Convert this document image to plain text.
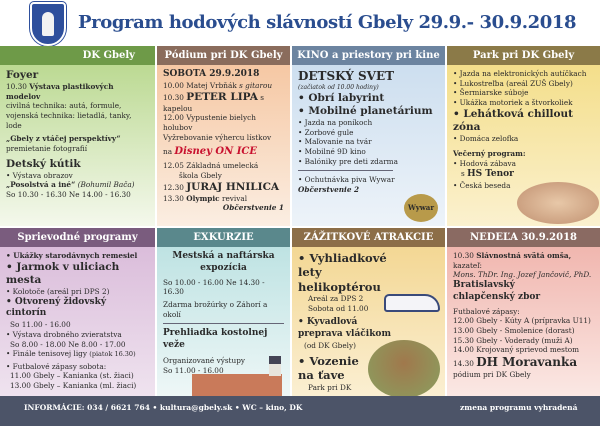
Program hodových slávností Gbely 29.9.- 30.9.2018
DK Gbely
Foyer
10.30 Výstava plastikových modelov
civilná technika: autá, formule, vojenská technika: lietadlá, tanky, lode
„Gbely z vtáčej perspektívy“
premietanie fotografií
Detský kútik
• Výstava obrazov
„Posolstvá a iné“ (Bohumil Bača)
So 10.30 - 16.30 Ne 14.00 - 16.30
Pódium pri DK Gbely
SOBOTA 29.9.2018
10.00 Matej Vrbňák s gitarou
10.30 PETER LIPA s kapelou
12.00 Vypustenie bielych holubov
Vyžrebovanie výhercu lístkov
na Disney ON ICE
12.05 Základná umelecká
škola Gbely
12.30 JURAJ HNILICA
13.30 Olympic revival
Občerstvenie 1
KINO a priestory pri kine
DETSKÝ SVET
(začiatok od 10.00 hodiny)
• Obrí labyrint
• Mobilné planetárium
• Jazda na poníkoch
• Zorbové gule
• Maľovanie na tvár
• Mobilné 9D kino
• Balóniky pre deti zdarma
• Ochutnávka piva Wywar
Občerstvenie 2
Wywar
Park pri DK Gbely
• Jazda na elektronických autíčkach
• Lukostreľba (areál ZUŠ Gbely)
• Šermiarske súboje
• Ukážka motoriek a štvorkoliek
• Lehátková chillout zóna
• Domáca zelofka
Večerný program:
• Hodová zábava
s HS Tenor
• Česká beseda
Sprievodné programy
• Ukážky starodávnych remesiel
• Jarmok v uliciach mesta
• Kolotoče (areál pri DPS 2)
• Otvorený židovský cintorín
So 11.00 - 16.00
• Výstava drobného zvieratstva
So 8.00 - 18.00 Ne 8.00 - 17.00
• Finále tenisovej ligy (piatok 16.30)
• Futbalové zápasy sobota:
11.00 Gbely – Kanianka (st. žiaci)
13.00 Gbely – Kanianka (ml. žiaci)
EXKURZIE
Mestská a naftárska expozícia
So 10.00 - 16.00 Ne 14.30 - 16.30
Zdarma brožúrky o Záhorí a okolí
Prehliadka kostolnej veže
Organizované výstupy
So 11.00 - 16.00
ZÁŽITKOVÉ ATRAKCIE
• Vyhliadkové lety helikoptérou
Areál za DPS 2
Sobota od 11.00
• Kyvadlová preprava vláčikom
(od DK Gbely)
• Vozenie na ťave
Park pri DK
NEDEĽA 30.9.2018
10.30 Slávnostná svätá omša, kazateľ:
Mons. ThDr. Ing. Jozef Jančovič, PhD.
Bratislavský chlapčenský zbor
Futbalové zápasy:
12.00 Gbely - Kúty A (prípravka U11)
13.00 Gbely - Smolenice (dorast)
15.30 Gbely - Voderady (muži A)
14.00 Krojovaný sprievod mestom
14.30 DH Moravanka
pódium pri DK Gbely
INFORMÁCIE: 034 / 6621 764 • kultura@gbely.sk • WC – kino, DK	zmena programu vyhradená
